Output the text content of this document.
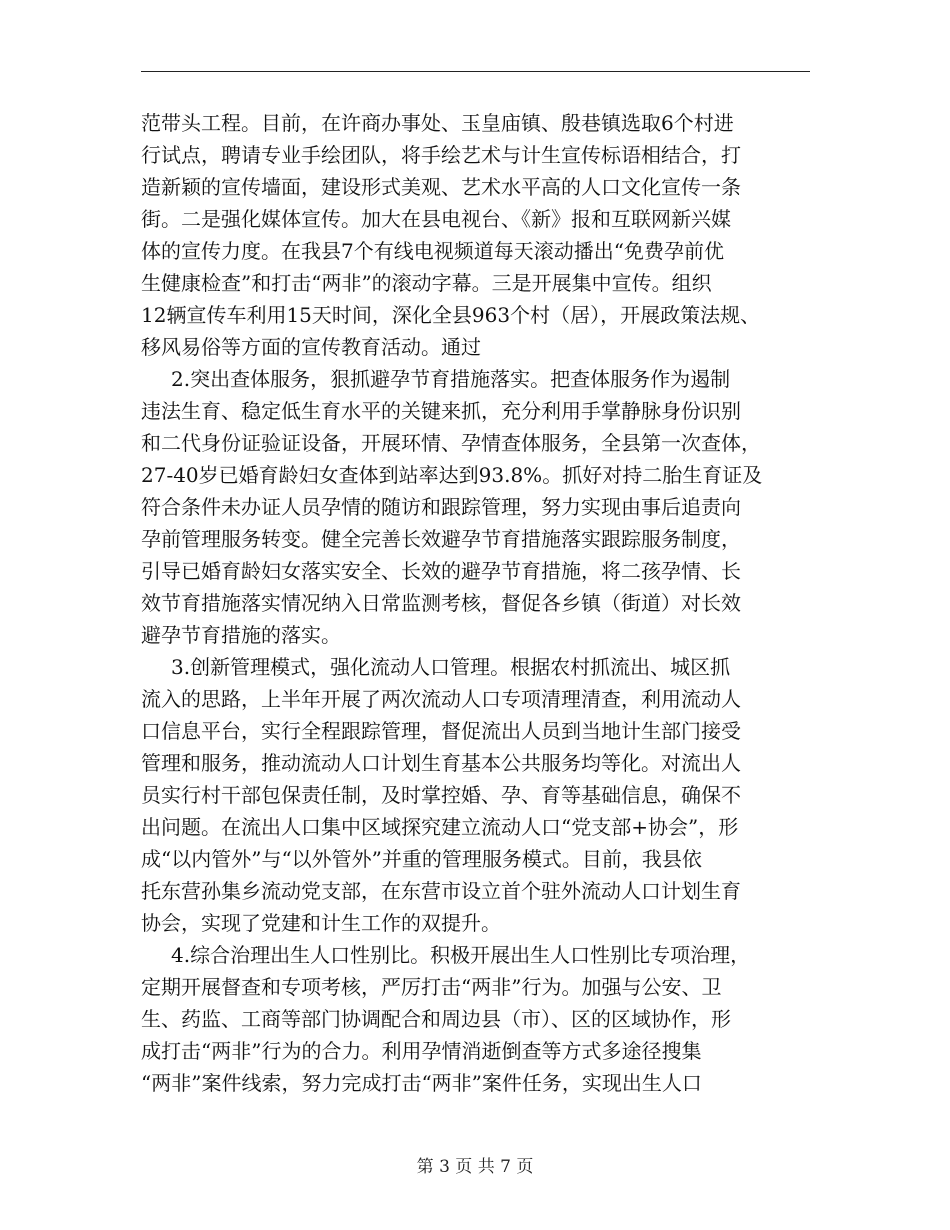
范带头工程。目前，在许商办事处、玉皇庙镇、殷巷镇选取6个村进
行试点，聘请专业手绘团队，将手绘艺术与计生宣传标语相结合，打
造新颖的宣传墙面，建设形式美观、艺术水平高的人口文化宣传一条
街。二是强化媒体宣传。加大在县电视台、《新》报和互联网新兴媒
体的宣传力度。在我县7个有线电视频道每天滚动播出“免费孕前优
生健康检查”和打击“两非”的滚动字幕。三是开展集中宣传。组织
12辆宣传车利用15天时间，深化全县963个村（居），开展政策法规、
移风易俗等方面的宣传教育活动。通过
2.突出查体服务，狠抓避孕节育措施落实。把查体服务作为遏制
违法生育、稳定低生育水平的关键来抓，充分利用手掌静脉身份识别
和二代身份证验证设备，开展环情、孕情查体服务，全县第一次查体，
27-40岁已婚育龄妇女查体到站率达到93.8%。抓好对持二胎生育证及
符合条件未办证人员孕情的随访和跟踪管理，努力实现由事后追责向
孕前管理服务转变。健全完善长效避孕节育措施落实跟踪服务制度，
引导已婚育龄妇女落实安全、长效的避孕节育措施，将二孩孕情、长
效节育措施落实情况纳入日常监测考核，督促各乡镇（街道）对长效
避孕节育措施的落实。
3.创新管理模式，强化流动人口管理。根据农村抓流出、城区抓
流入的思路，上半年开展了两次流动人口专项清理清查，利用流动人
口信息平台，实行全程跟踪管理，督促流出人员到当地计生部门接受
管理和服务，推动流动人口计划生育基本公共服务均等化。对流出人
员实行村干部包保责任制，及时掌控婚、孕、育等基础信息，确保不
出问题。在流出人口集中区域探究建立流动人口“党支部+协会”，形
成“以内管外”与“以外管外”并重的管理服务模式。目前，我县依
托东营孙集乡流动党支部，在东营市设立首个驻外流动人口计划生育
协会，实现了党建和计生工作的双提升。
4.综合治理出生人口性别比。积极开展出生人口性别比专项治理，
定期开展督查和专项考核，严厉打击“两非”行为。加强与公安、卫
生、药监、工商等部门协调配合和周边县（市）、区的区域协作，形
成打击“两非”行为的合力。利用孕情消逝倒查等方式多途径搜集
“两非”案件线索，努力完成打击“两非”案件任务，实现出生人口
第 3 页 共 7 页
